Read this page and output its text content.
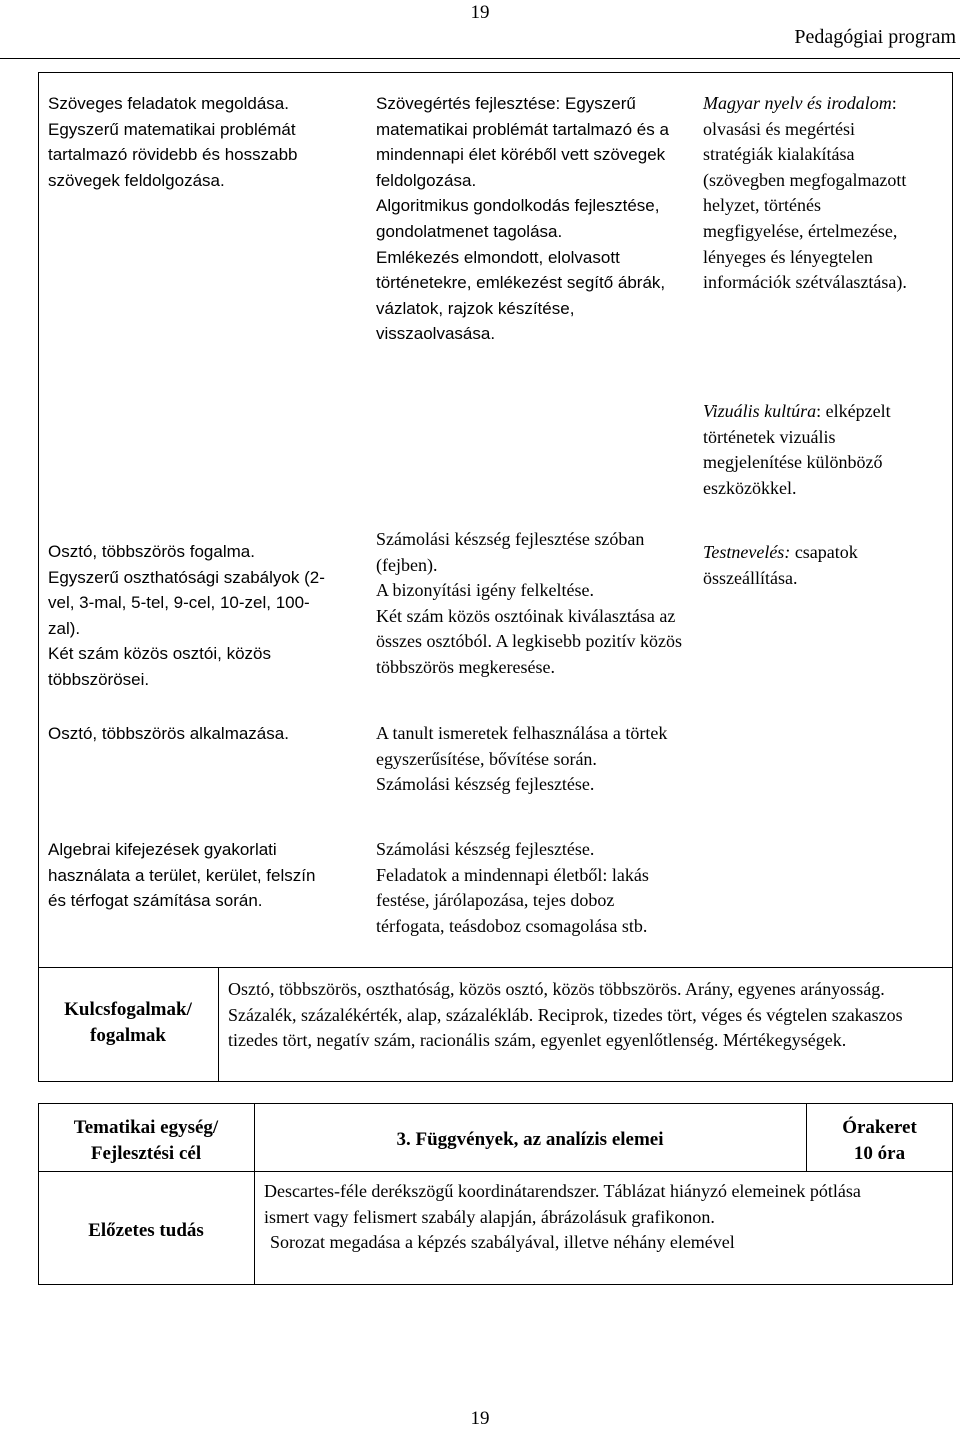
19
Pedagógiai program

Szöveges feladatok megoldása.

Egyszerű matematikai problémát tartalmazó rövidebb és hosszabb szövegek feldolgozása.

Osztó, többszörös fogalma.

Egyszerű oszthatósági szabályok (2-vel, 3-mal, 5-tel, 9-cel, 10-zel, 100-zal).

Két szám közös osztói, közös többszörösei.

Osztó, többszörös alkalmazása.

Algebrai kifejezések gyakorlati használata a terület, kerület, felszín és térfogat számítása során.

Szövegértés fejlesztése: Egyszerű matematikai problémát tartalmazó és a mindennapi élet köréből vett szövegek feldolgozása.

Algoritmikus gondolkodás fejlesztése, gondolatmenet tagolása.

Emlékezés elmondott, elolvasott történetekre, emlékezést segítő ábrák, vázlatok, rajzok készítése, visszaolvasása.

Számolási készség fejlesztése szóban (fejben).

A bizonyítási igény felkeltése.

Két szám közös osztóinak kiválasztása az összes osztóból. A legkisebb pozitív közös többszörös megkeresése.

A tanult ismeretek felhasználása a törtek egyszerűsítése, bővítése során.

Számolási készség fejlesztése.

Számolási készség fejlesztése.

Feladatok a mindennapi életből: lakás festése, járólapozása, tejes doboz térfogata, teásdoboz csomagolása stb.

Magyar nyelv és irodalom: olvasási és megértési stratégiák kialakítása (szövegben megfogalmazott helyzet, történés megfigyelése, értelmezése, lényeges és lényegtelen információk szétválasztása).

Vizuális kultúra: elképzelt történetek vizuális megjelenítése különböző eszközökkel.

Testnevelés: csapatok összeállítása.

Kulcsfogalmak/ fogalmak
Osztó, többszörös, oszthatóság, közös osztó, közös többszörös. Arány, egyenes arányosság. Százalék, százalékérték, alap, százalékláb. Reciprok, tizedes tört, véges és végtelen szakaszos tizedes tört, negatív szám, racionális szám, egyenlet egyenlőtlenség. Mértékegységek.
Tematikai egység/ Fejlesztési cél
3. Függvények, az analízis elemei
Órakeret
10 óra
Előzetes tudás

Descartes-féle derékszögű koordinátarendszer. Táblázat hiányzó elemeinek pótlása ismert vagy felismert szabály alapján, ábrázolásuk grafikonon.

Sorozat megadása a képzés szabályával, illetve néhány elemével

19
